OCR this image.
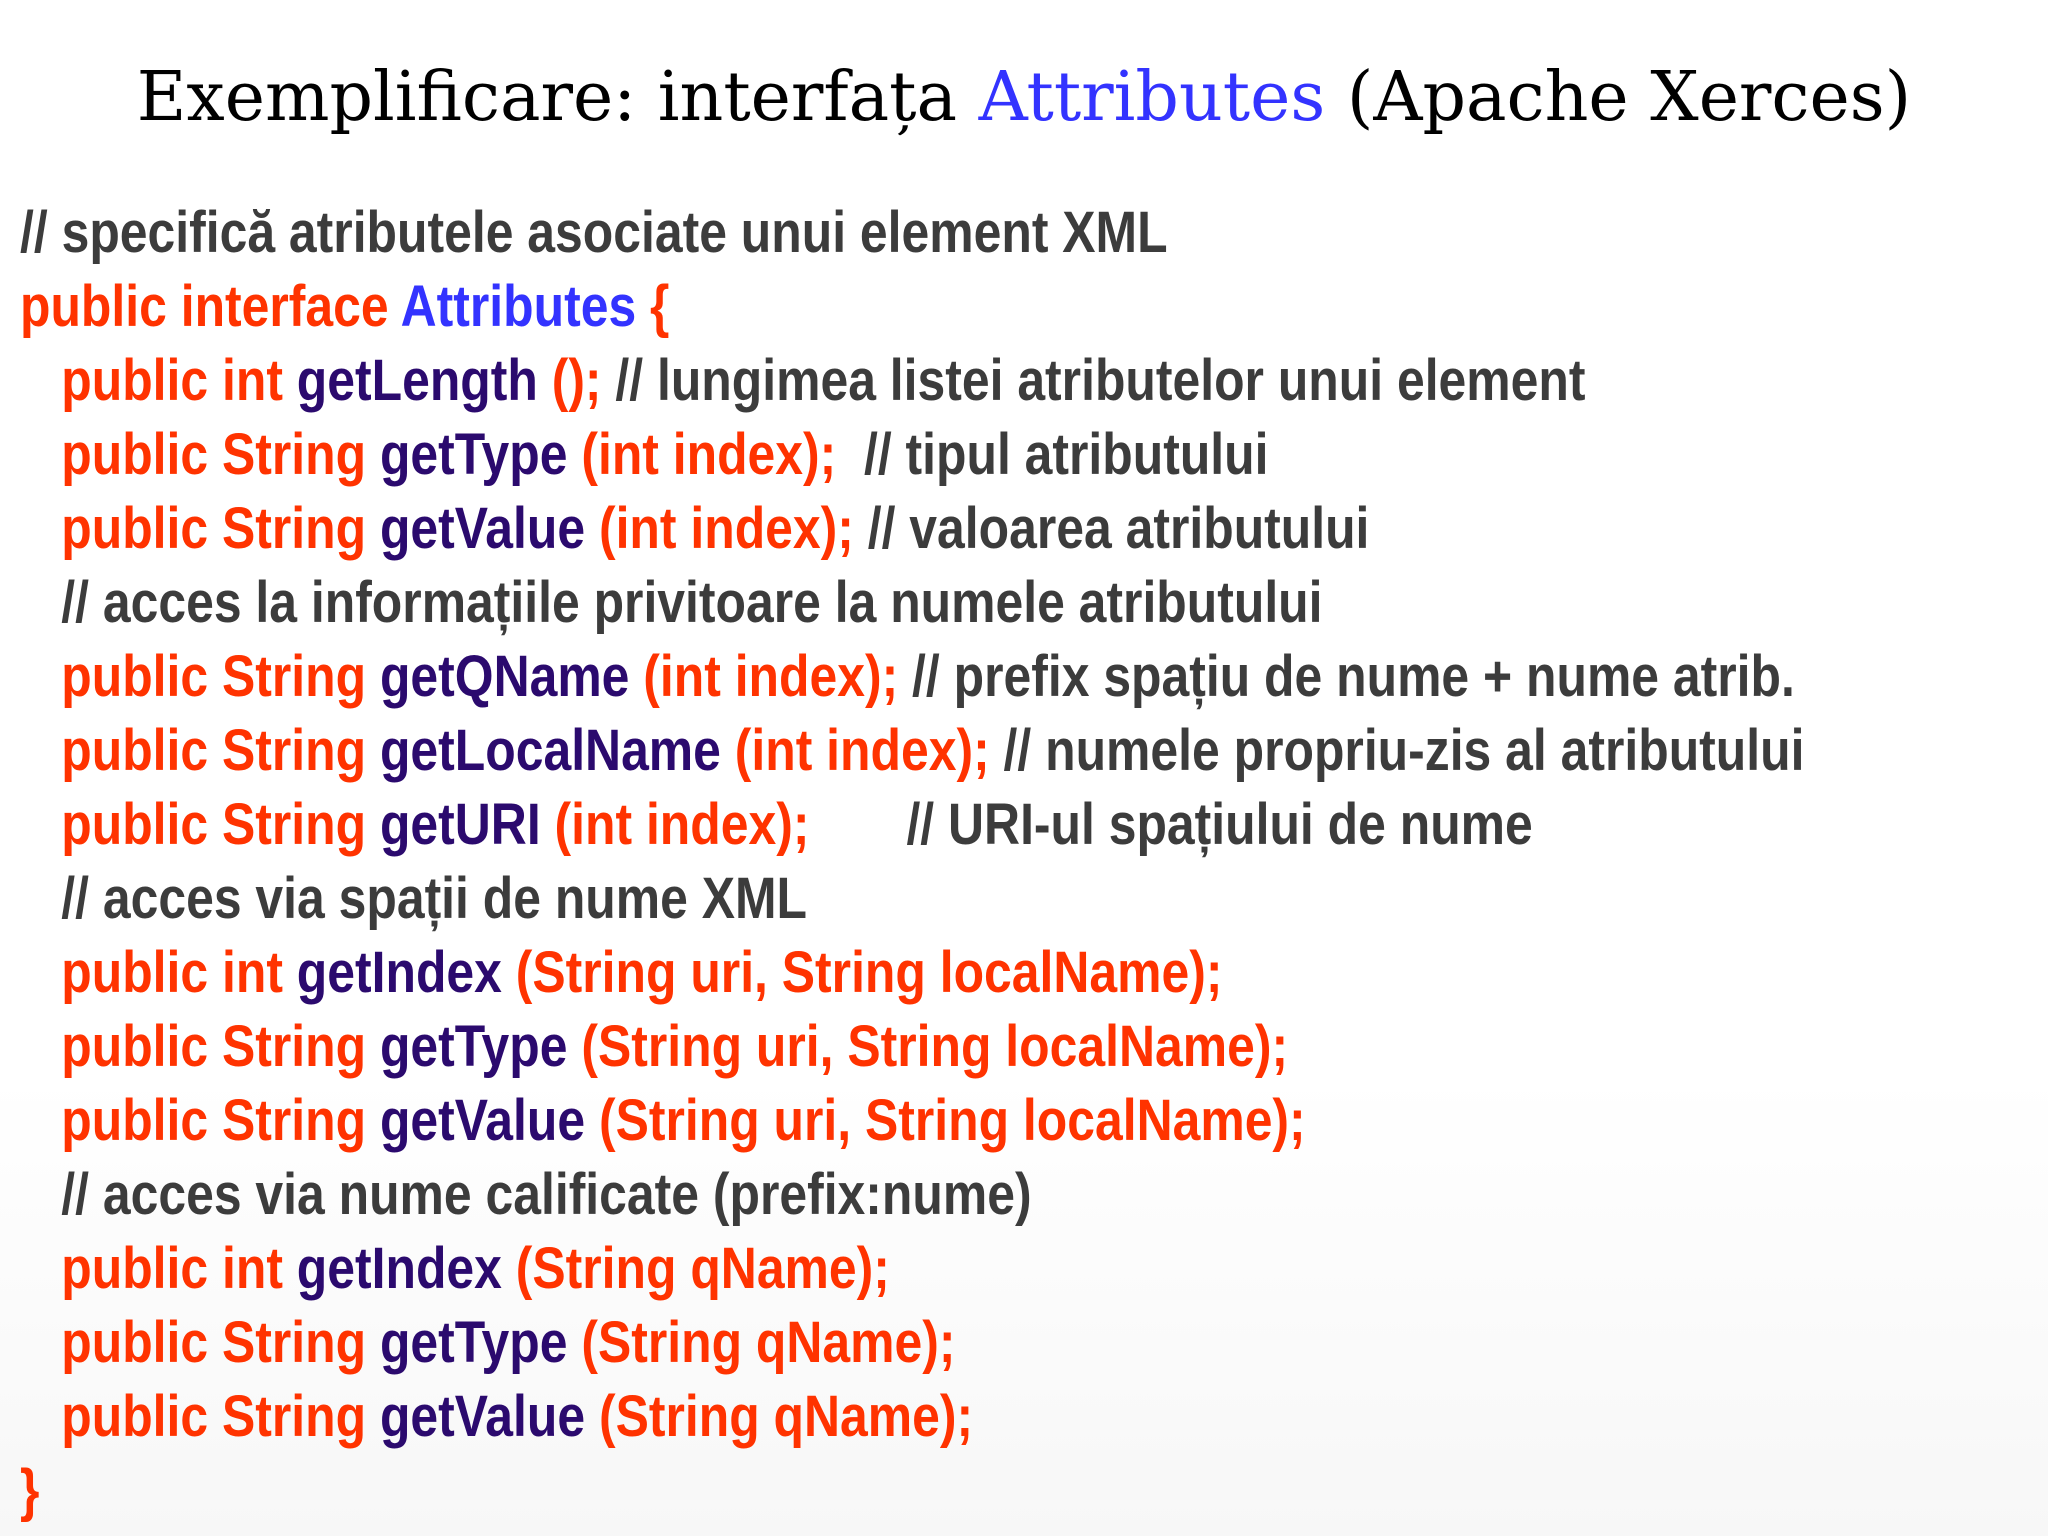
Exemplificare: interfața Attributes (Apache Xerces)
// specifică atributele asociate unui element XML
public interface Attributes {
public int getLength (); // lungimea listei atributelor unui element
public String getType (int index);  // tipul atributului
public String getValue (int index); // valoarea atributului
// acces la informațiile privitoare la numele atributului
public String getQName (int index); // prefix spațiu de nume + nume atrib.
public String getLocalName (int index); // numele propriu-zis al atributului
public String getURI (int index);       // URI-ul spațiului de nume
// acces via spații de nume XML
public int getIndex (String uri, String localName);
public String getType (String uri, String localName);
public String getValue (String uri, String localName);
// acces via nume calificate (prefix:nume)
public int getIndex (String qName);
public String getType (String qName);
public String getValue (String qName);
}
